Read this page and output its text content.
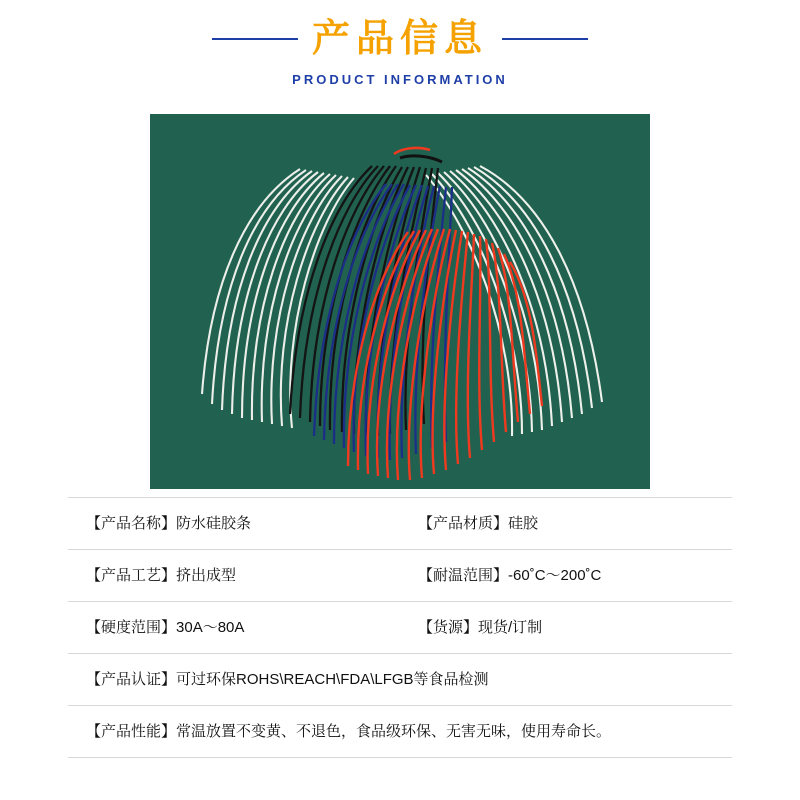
产品信息
PRODUCT INFORMATION
【产品名称】 防水硅胶条	【产品材质】 硅胶
【产品工艺】 挤出成型	【耐温范围】 -60˚C～200˚C
【硬度范围】 30A～80A	【货源】 现货/订制
【产品认证】 可过环保ROHS\REACH\FDA\LFGB等食品检测
【产品性能】 常温放置不变黄、不退色，食品级环保、无害无味，使用寿命长。
